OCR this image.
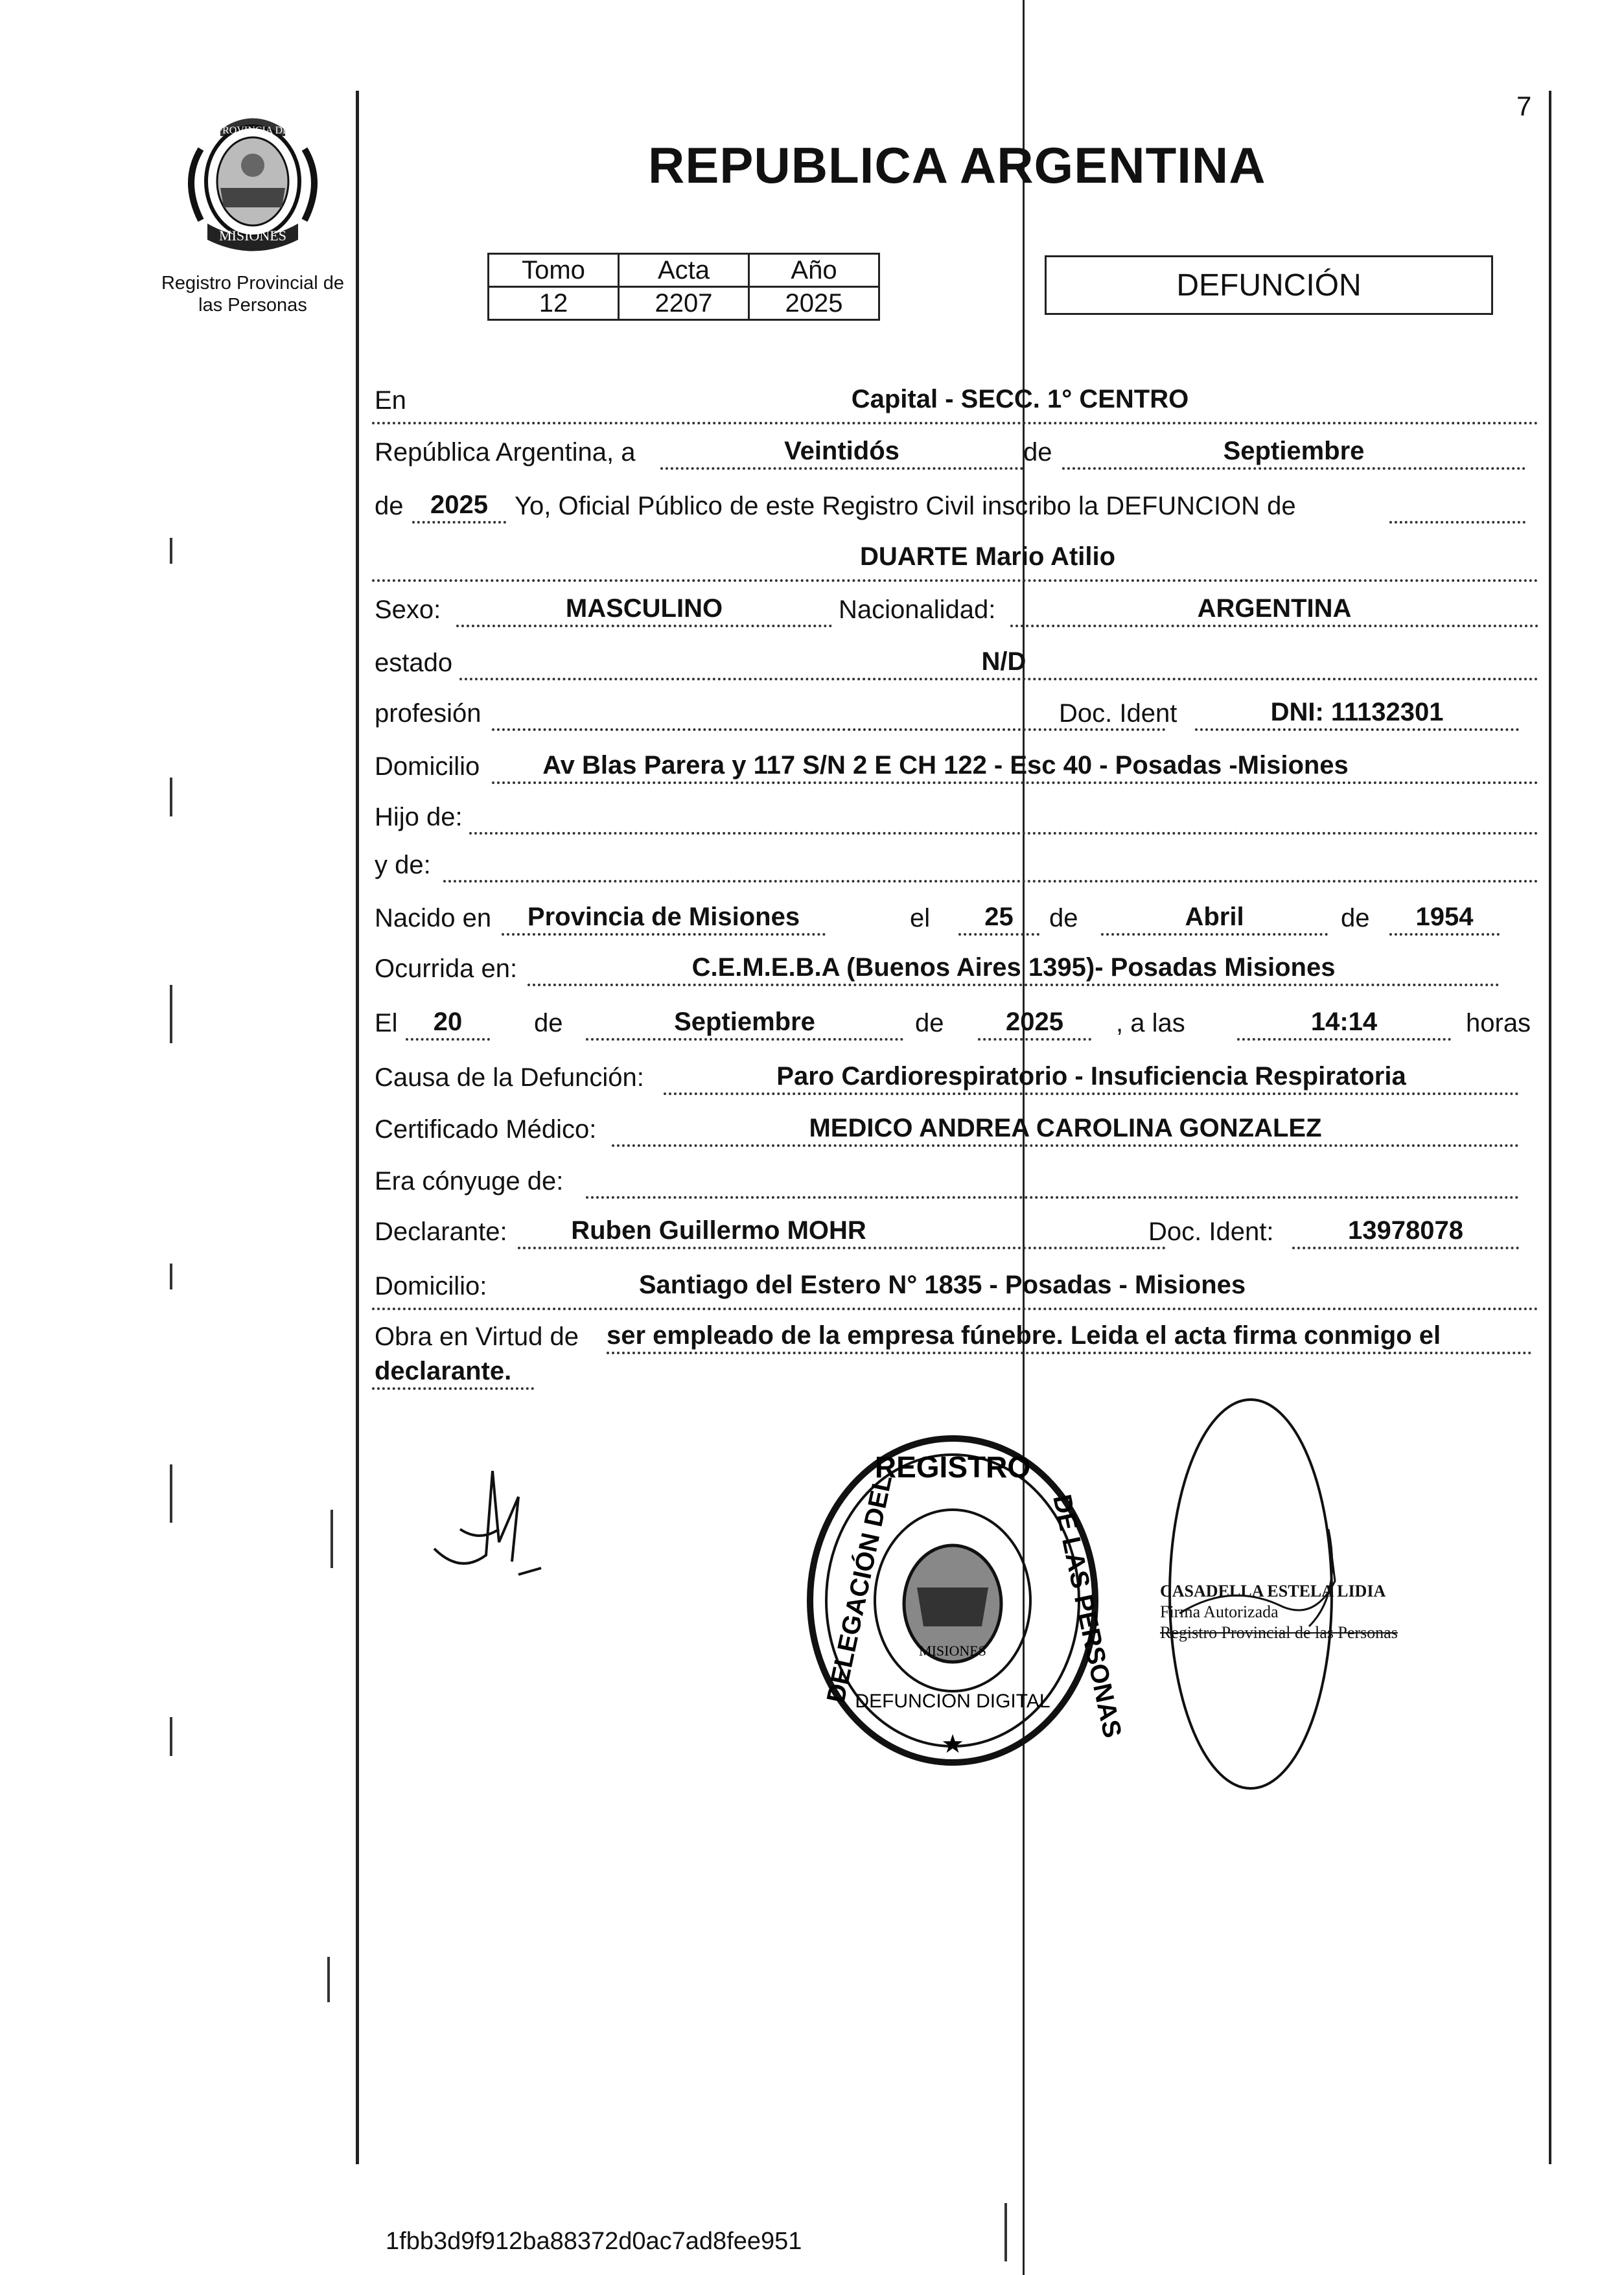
MISIONES
PROVINCIA DE
Registro Provincial de
las Personas
7
REPUBLICA ARGENTINA
Tomo	Acta	Año
12	2207	2025
DEFUNCIÓN
En	Capital - SECC. 1° CENTRO
República Argentina, a	Veintidós	de	Septiembre
de	2025	Yo, Oficial Público de este Registro Civil inscribo la DEFUNCION de
DUARTE Mario Atilio
Sexo:	MASCULINO	Nacionalidad:	ARGENTINA
estado	N/D
profesión	Doc. Ident	DNI: 11132301
Domicilio	Av Blas Parera y 117 S/N 2 E CH 122 - Esc 40 - Posadas -Misiones
Hijo de:
y de:
Nacido en	Provincia de Misiones	el	25	de	Abril	de	1954
Ocurrida en:	C.E.M.E.B.A (Buenos Aires 1395)- Posadas Misiones
El	20	de	Septiembre	de	2025	, a las	14:14	horas
Causa de la Defunción:	Paro Cardiorespiratorio - Insuficiencia Respiratoria
Certificado Médico:	MEDICO ANDREA CAROLINA GONZALEZ
Era cónyuge de:
Declarante:	Ruben Guillermo MOHR	Doc. Ident:	13978078
Domicilio:	Santiago del Estero N° 1835 - Posadas - Misiones
Obra en Virtud de ser empleado de la empresa fúnebre. Leida el acta firma conmigo el
declarante.
MISIONES
REGISTRO
DELEGACIÓN DEL	DE LAS PERSONAS
DEFUNCION DIGITAL
★
CASADELLA ESTELA LIDIA
Firma Autorizada
Registro Provincial de las Personas
1fbb3d9f912ba88372d0ac7ad8fee951
